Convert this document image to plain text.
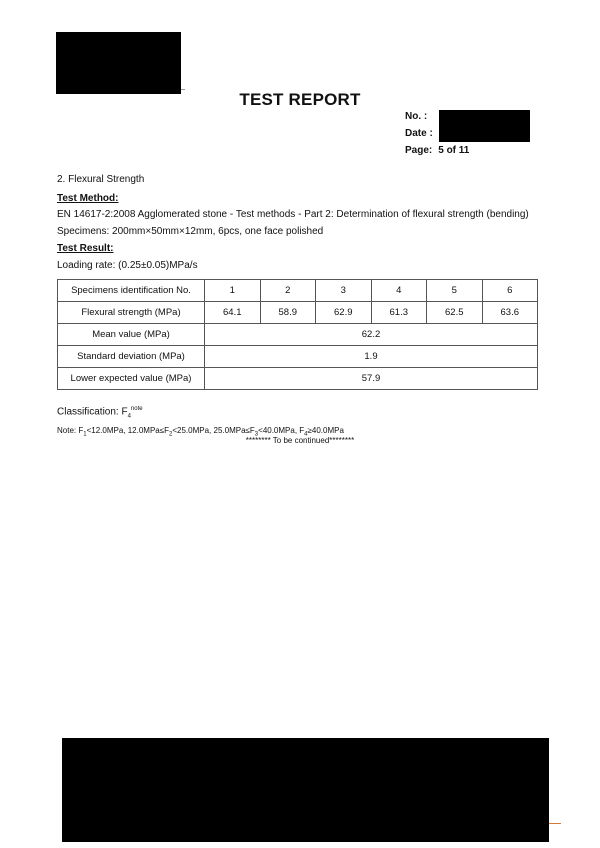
TEST REPORT
No. :
Date :
Page: 5 of 11
2. Flexural Strength
Test Method:
EN 14617-2:2008 Agglomerated stone - Test methods - Part 2: Determination of flexural strength (bending)
Specimens: 200mm×50mm×12mm, 6pcs, one face polished
Test Result:
Loading rate: (0.25±0.05)MPa/s
Specimens identification No.	1	2	3	4	5	6
Flexural strength (MPa)	64.1	58.9	62.9	61.3	62.5	63.6
Mean value (MPa)	62.2					
Standard deviation (MPa)	1.9					
Lower expected value (MPa)	57.9					
Classification: $F_4^{note}$
Note: $F_1<12.0MPa$, $12.0MPa\le F_2<25.0MPa$, $25.0MPa\le F_3<40.0MPa$, $F_4\ge 40.0MPa$
******** To be continued********
